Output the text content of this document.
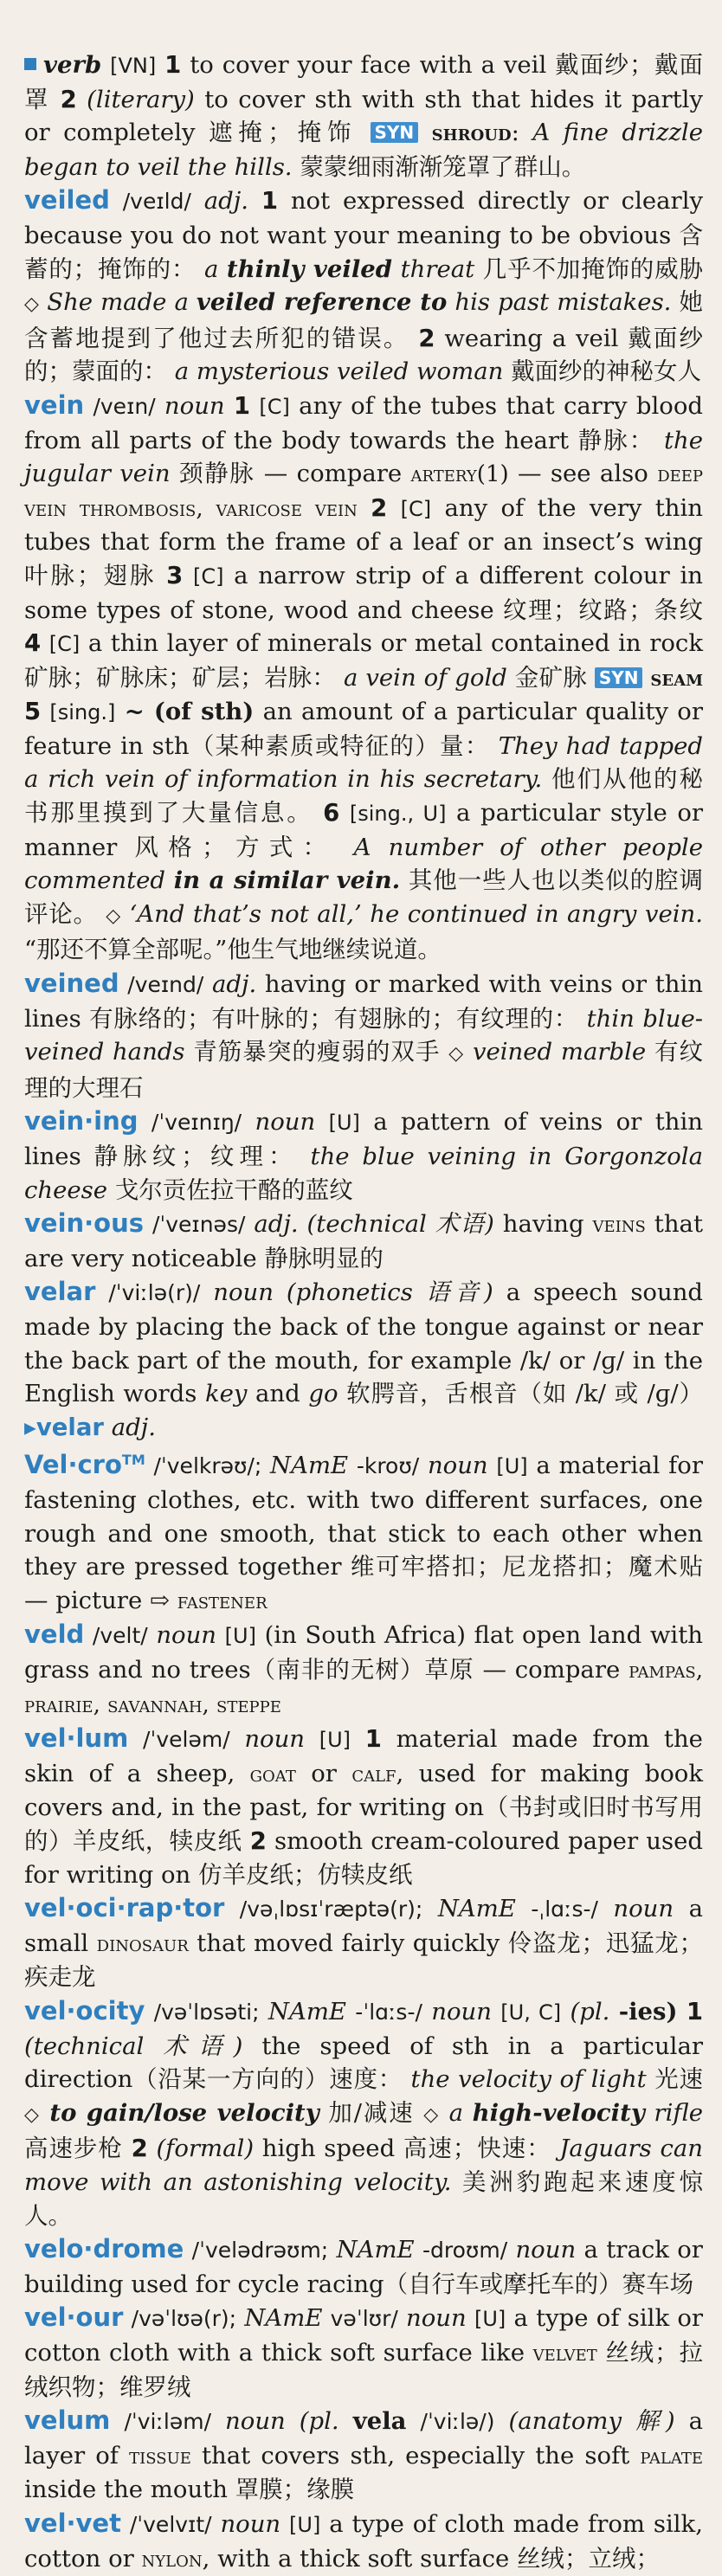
verb [VN] 1 to cover your face with a veil 戴面纱；戴面罩 2 (literary) to cover sth with sth that hides it partly or completely 遮掩；掩饰 SYN shroud: A fine drizzle began to veil the hills. 蒙蒙细雨渐渐笼罩了群山。

veiled /veɪld/ adj. 1 not expressed directly or clearly because you do not want your meaning to be obvious 含蓄的；掩饰的： a thinly veiled threat 几乎不加掩饰的威胁 ◇ She made a veiled reference to his past mistakes. 她含蓄地提到了他过去所犯的错误。 2 wearing a veil 戴面纱的；蒙面的： a mysterious veiled woman 戴面纱的神秘女人

vein /veɪn/ noun 1 [C] any of the tubes that carry blood from all parts of the body towards the heart 静脉： the jugular vein 颈静脉 — compare artery(1) — see also deep vein thrombosis, varicose vein 2 [C] any of the very thin tubes that form the frame of a leaf or an insect’s wing 叶脉；翅脉 3 [C] a narrow strip of a different colour in some types of stone, wood and cheese 纹理；纹路；条纹 4 [C] a thin layer of minerals or metal contained in rock 矿脉；矿脉床；矿层；岩脉： a vein of gold 金矿脉 SYN seam 5 [sing.] ~ (of sth) an amount of a particular quality or feature in sth（某种素质或特征的）量： They had tapped a rich vein of information in his secretary. 他们从他的秘书那里摸到了大量信息。 6 [sing., U] a particular style or manner 风格；方式： A number of other people commented in a similar vein. 其他一些人也以类似的腔调评论。 ◇ ‘And that’s not all,’ he continued in angry vein. “那还不算全部呢。”他生气地继续说道。

veined /veɪnd/ adj. having or marked with veins or thin lines 有脉络的；有叶脉的；有翅脉的；有纹理的： thin blue-veined hands 青筋暴突的瘦弱的双手 ◇ veined marble 有纹理的大理石

vein·ing /ˈveɪnɪŋ/ noun [U] a pattern of veins or thin lines 静脉纹；纹理： the blue veining in Gorgonzola cheese 戈尔贡佐拉干酪的蓝纹

vein·ous /ˈveɪnəs/ adj. (technical 术语) having veins that are very noticeable 静脉明显的

velar /ˈviːlə(r)/ noun (phonetics 语音) a speech sound made by placing the back of the tongue against or near the back part of the mouth, for example /k/ or /ɡ/ in the English words key and go 软腭音，舌根音（如 /k/ 或 /ɡ/） ▸velar adj.

Vel·cro™ /ˈvelkrəʊ/; NAmE -kroʊ/ noun [U] a material for fastening clothes, etc. with two different surfaces, one rough and one smooth, that stick to each other when they are pressed together 维可牢搭扣；尼龙搭扣；魔术贴 — picture ⇨ fastener

veld /velt/ noun [U] (in South Africa) flat open land with grass and no trees（南非的无树）草原 — compare pampas, prairie, savannah, steppe

vel·lum /ˈveləm/ noun [U] 1 material made from the skin of a sheep, goat or calf, used for making book covers and, in the past, for writing on（书封或旧时书写用的）羊皮纸，犊皮纸 2 smooth cream-coloured paper used for writing on 仿羊皮纸；仿犊皮纸

vel·oci·rap·tor /vəˌlɒsɪˈræptə(r); NAmE -ˌlɑːs-/ noun a small dinosaur that moved fairly quickly 伶盗龙；迅猛龙；疾走龙

vel·ocity /vəˈlɒsəti; NAmE -ˈlɑːs-/ noun [U, C] (pl. -ies) 1 (technical 术语) the speed of sth in a particular direction（沿某一方向的）速度： the velocity of light 光速 ◇ to gain/lose velocity 加/减速 ◇ a high-velocity rifle 高速步枪 2 (formal) high speed 高速；快速： Jaguars can move with an astonishing velocity. 美洲豹跑起来速度惊人。

velo·drome /ˈvelədrəʊm; NAmE -droʊm/ noun a track or building used for cycle racing（自行车或摩托车的）赛车场

vel·our /vəˈlʊə(r); NAmE vəˈlʊr/ noun [U] a type of silk or cotton cloth with a thick soft surface like velvet 丝绒；拉绒织物；维罗绒

velum /ˈviːləm/ noun (pl. vela /ˈviːlə/) (anatomy 解) a layer of tissue that covers sth, especially the soft palate inside the mouth 罩膜；缘膜

vel·vet /ˈvelvɪt/ noun [U] a type of cloth made from silk, cotton or nylon, with a thick soft surface 丝绒；立绒；
